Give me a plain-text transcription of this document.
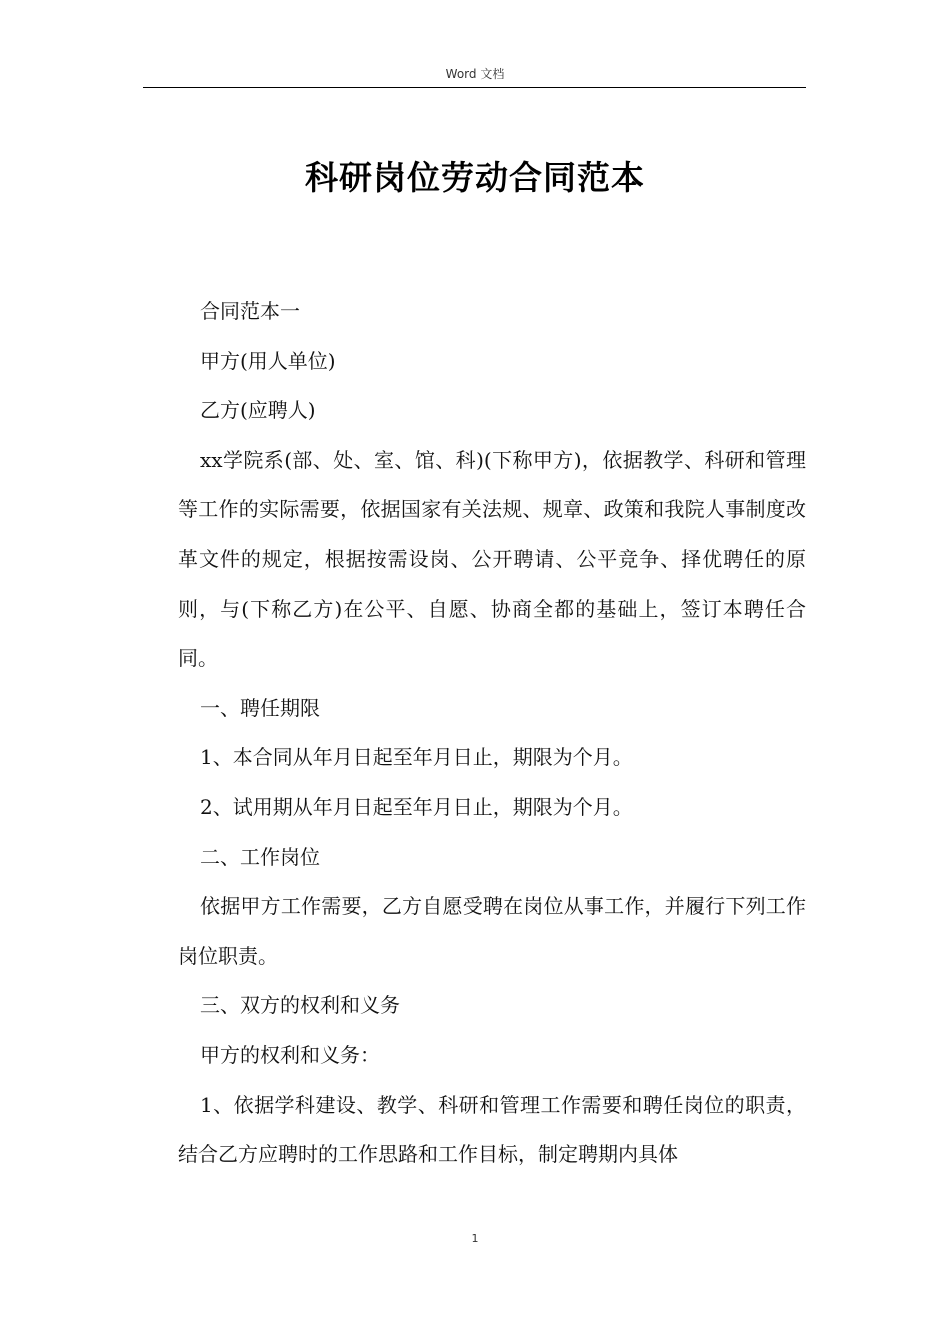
Word 文档
科研岗位劳动合同范本

合同范本一

甲方(用人单位)

乙方(应聘人)

xx学院系(部、处、室、馆、科)(下称甲方)，依据教学、科研和管理等工作的实际需要，依据国家有关法规、规章、政策和我院人事制度改革文件的规定，根据按需设岗、公开聘请、公平竞争、择优聘任的原则，与(下称乙方)在公平、自愿、协商全都的基础上，签订本聘任合同。

一、聘任期限

1、本合同从年月日起至年月日止，期限为个月。

2、试用期从年月日起至年月日止，期限为个月。

二、工作岗位

依据甲方工作需要，乙方自愿受聘在岗位从事工作，并履行下列工作岗位职责。

三、双方的权利和义务

甲方的权利和义务：

1、依据学科建设、教学、科研和管理工作需要和聘任岗位的职责，结合乙方应聘时的工作思路和工作目标，制定聘期内具体

1
